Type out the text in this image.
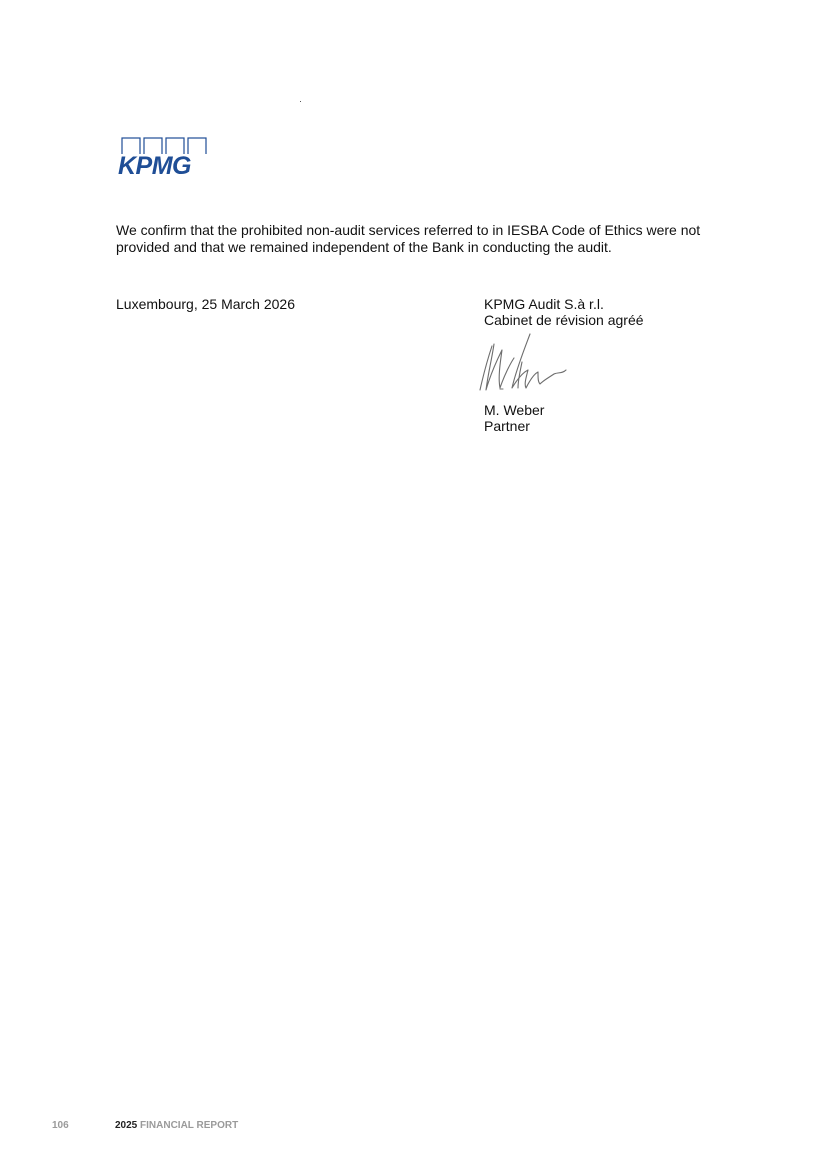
KPMG

We confirm that the prohibited non-audit services referred to in IESBA Code of Ethics were not

provided and that we remained independent of the Bank in conducting the audit.

Luxembourg, 25 March 2026	KPMG Audit S.à r.l.
Cabinet de révision agréé
M. Weber
Partner
106	2025 FINANCIAL REPORT
